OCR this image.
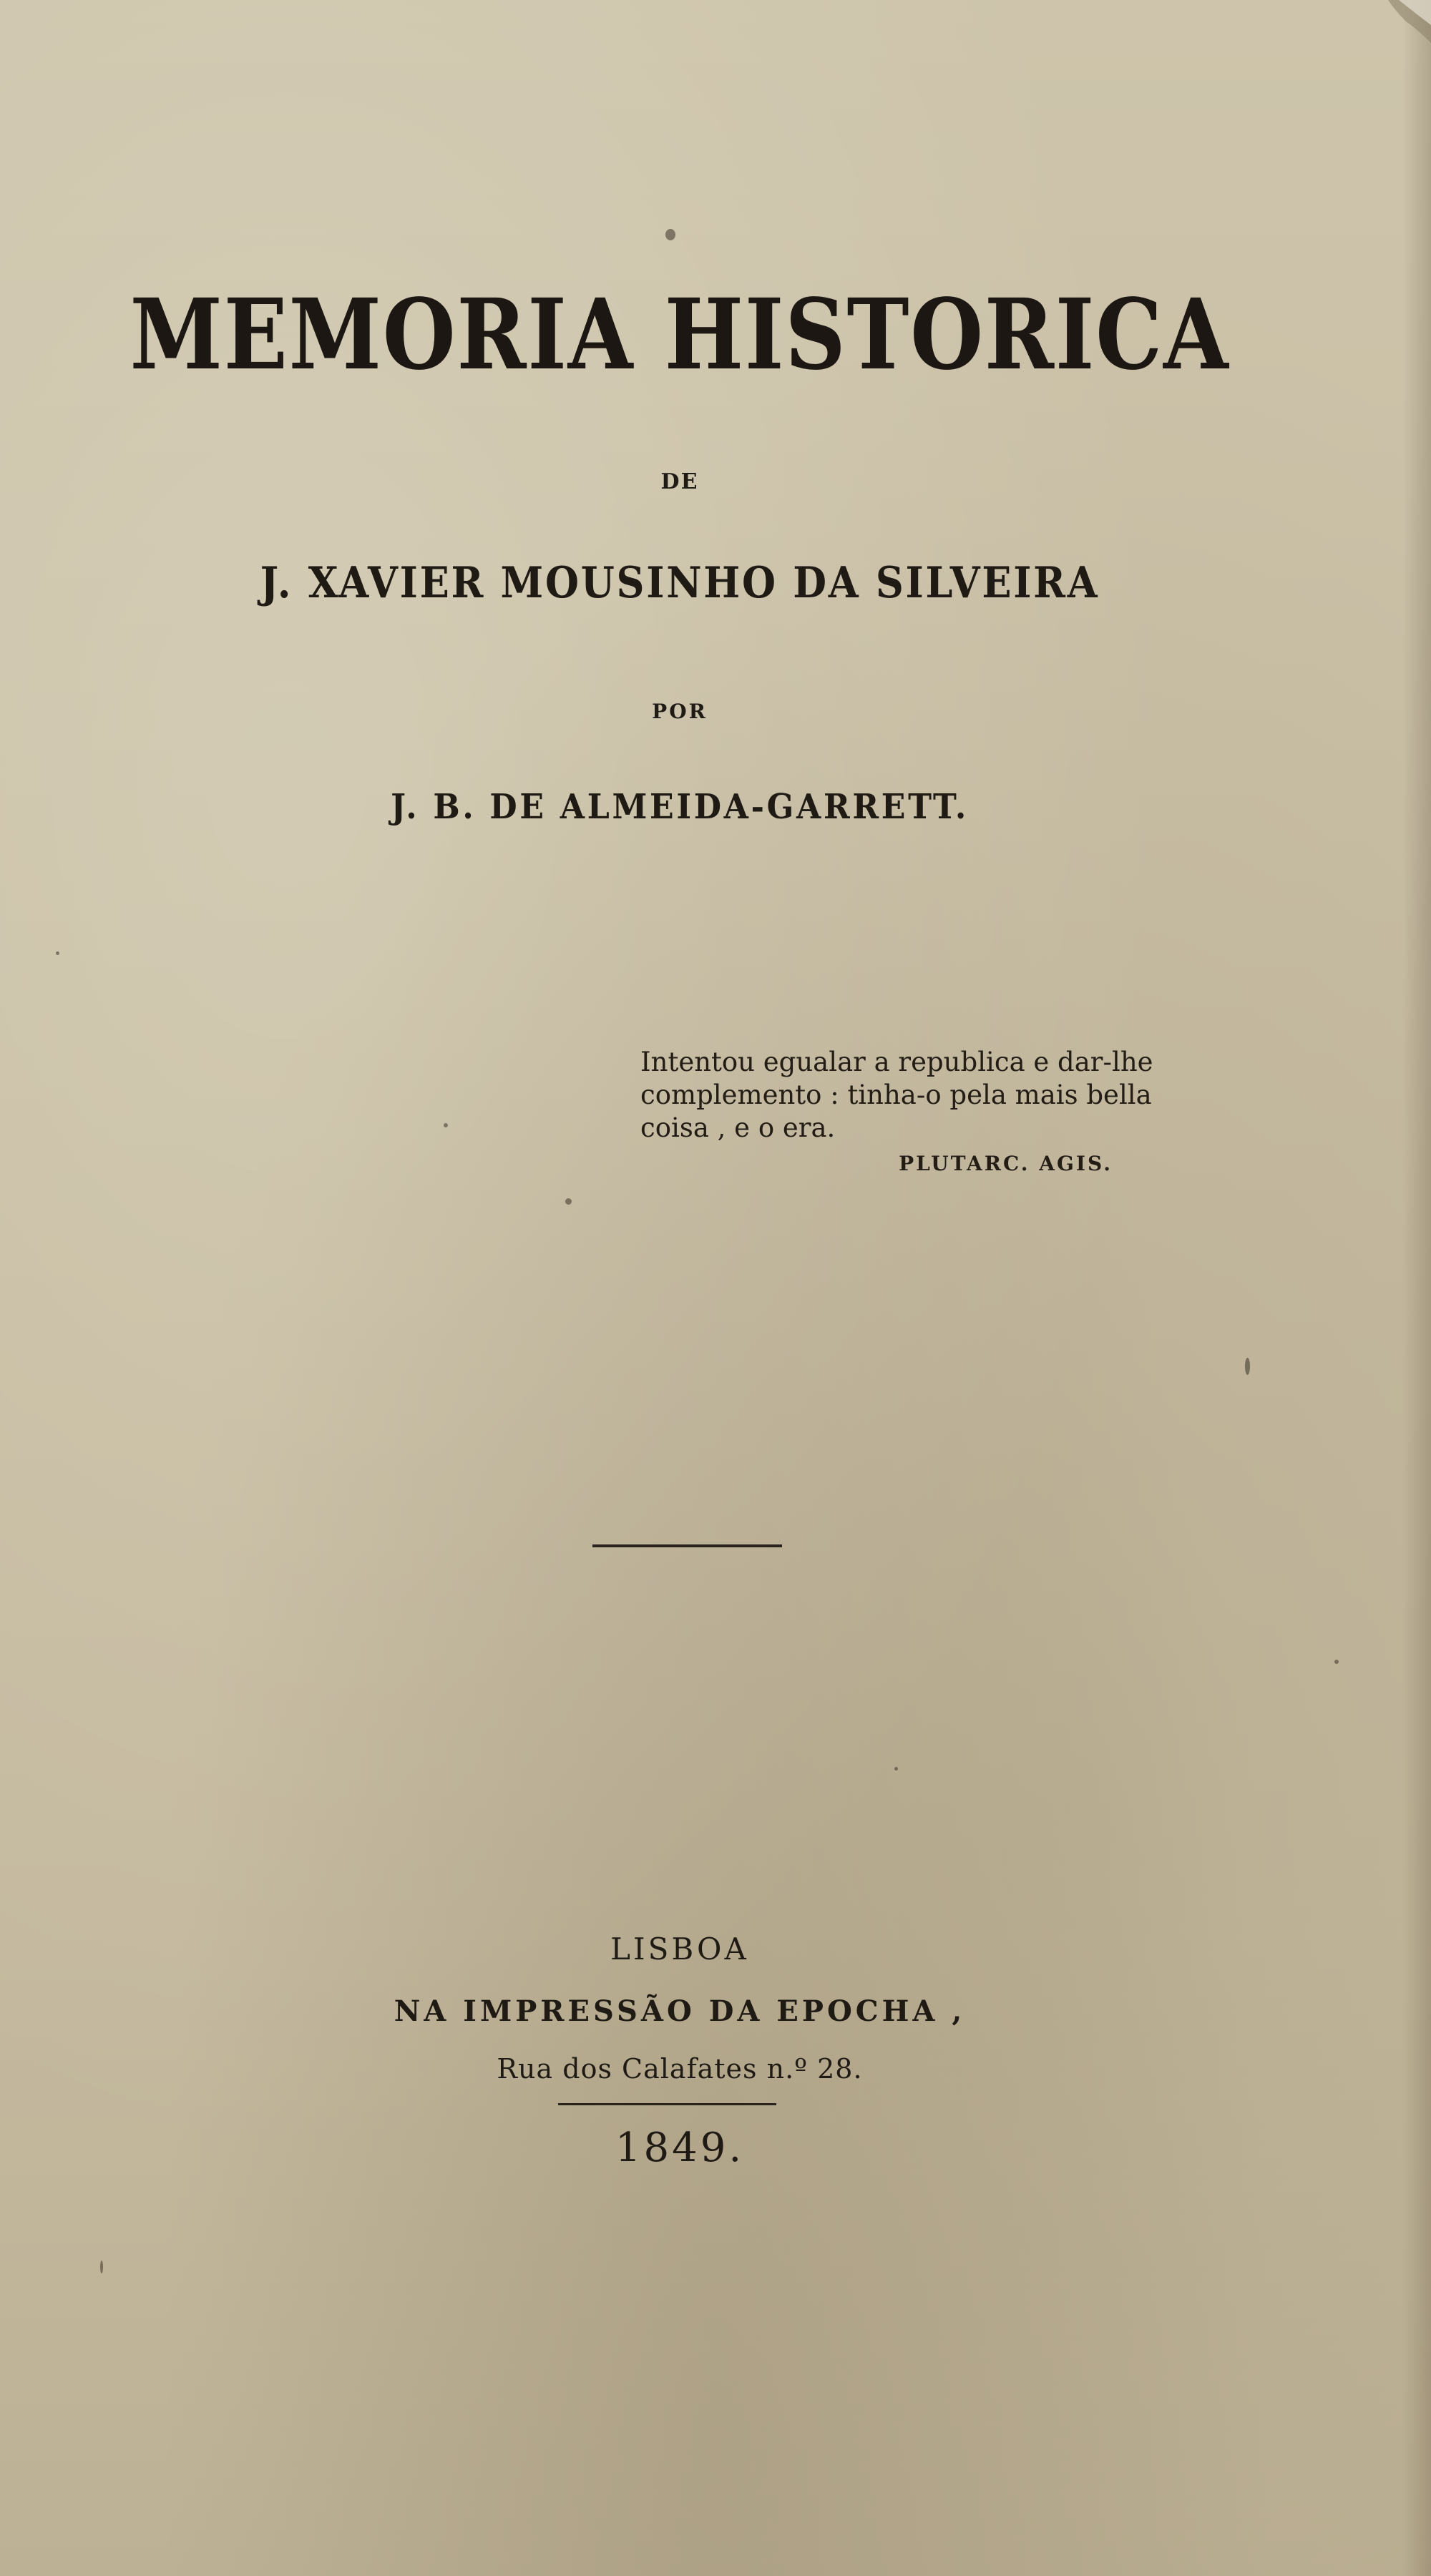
MEMORIA HISTORICA
DE
J. XAVIER MOUSINHO DA SILVEIRA
POR
J. B. DE ALMEIDA-GARRETT.
Intentou egualar a republica e dar-lhe
complemento : tinha-o pela mais bella
coisa , e o era.
PLUTARC. AGIS.
LISBOA
NA IMPRESSÃO DA EPOCHA ,
Rua dos Calafates n.º 28.
1849.
